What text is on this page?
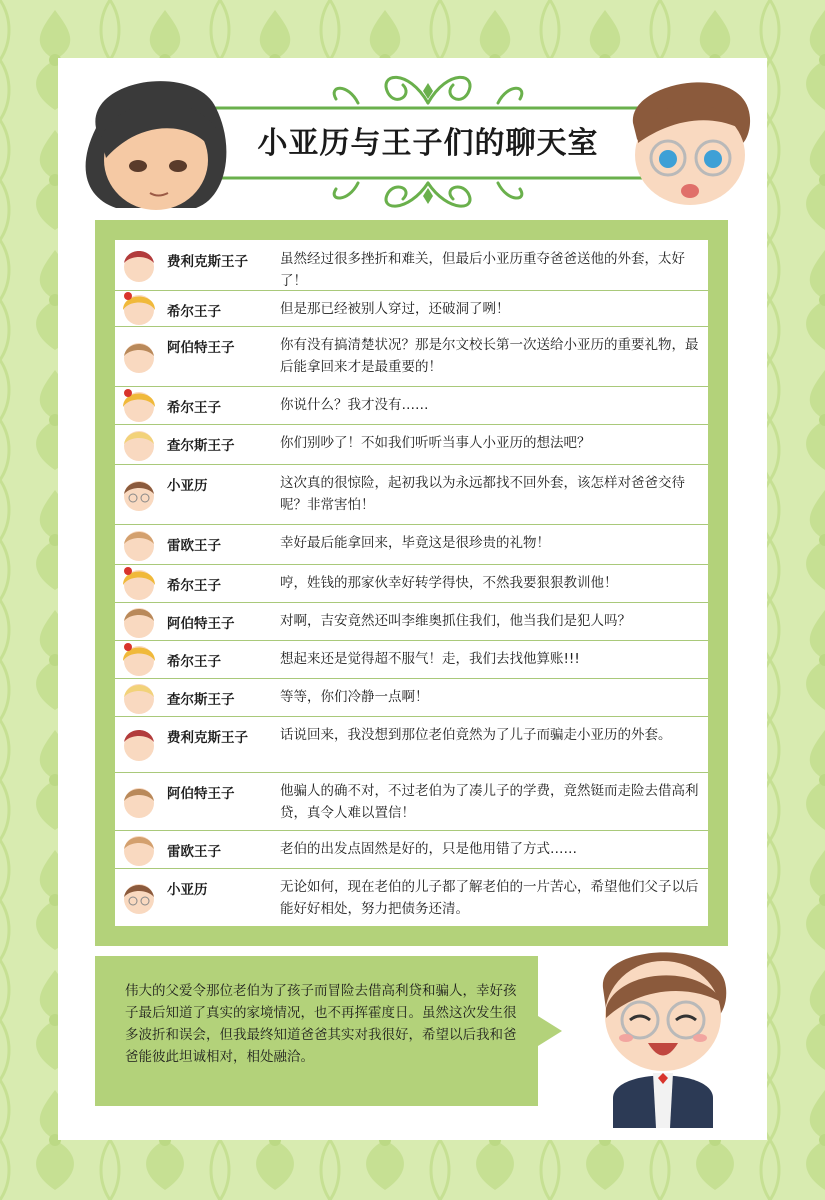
小亚历与王子们的聊天室
费利克斯王子	虽然经过很多挫折和难关，但最后小亚历重夺爸爸送他的外套，太好了！
希尔王子	但是那已经被别人穿过，还破洞了咧！
阿伯特王子	你有没有搞清楚状况？那是尔文校长第一次送给小亚历的重要礼物，最后能拿回来才是最重要的！
希尔王子	你说什么？我才没有……
查尔斯王子	你们别吵了！不如我们听听当事人小亚历的想法吧？
小亚历	这次真的很惊险，起初我以为永远都找不回外套，该怎样对爸爸交待呢？非常害怕！
雷欧王子	幸好最后能拿回来，毕竟这是很珍贵的礼物！
希尔王子	哼，姓钱的那家伙幸好转学得快，不然我要狠狠教训他！
阿伯特王子	对啊，吉安竟然还叫李维奥抓住我们，他当我们是犯人吗？
希尔王子	想起来还是觉得超不服气！走，我们去找他算账!!!
查尔斯王子	等等，你们冷静一点啊！
费利克斯王子	话说回来，我没想到那位老伯竟然为了儿子而骗走小亚历的外套。
阿伯特王子	他骗人的确不对，不过老伯为了凑儿子的学费，竟然铤而走险去借高利贷，真令人难以置信！
雷欧王子	老伯的出发点固然是好的，只是他用错了方式……
小亚历	无论如何，现在老伯的儿子都了解老伯的一片苦心，希望他们父子以后能好好相处，努力把债务还清。
伟大的父爱令那位老伯为了孩子而冒险去借高利贷和骗人，幸好孩子最后知道了真实的家境情况，也不再挥霍度日。虽然这次发生很多波折和误会，但我最终知道爸爸其实对我很好，希望以后我和爸爸能彼此坦诚相对，相处融洽。
